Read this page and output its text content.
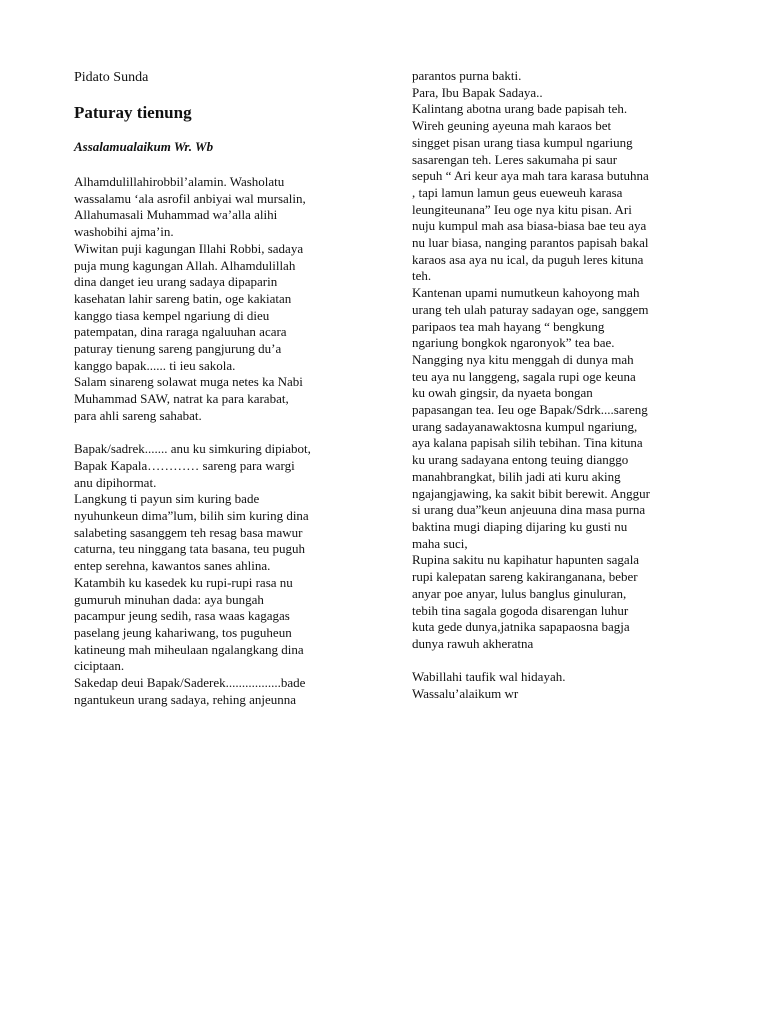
Pidato Sunda
Paturay tienung
Assalamualaikum Wr. Wb
Alhamdulillahirobbil’alamin. Washolatu
wassalamu ‘ala asrofil anbiyai wal mursalin,
Allahumasali Muhammad wa’alla alihi
washobihi ajma’in.
Wiwitan puji kagungan Illahi Robbi, sadaya
puja mung kagungan Allah. Alhamdulillah
dina danget ieu urang sadaya dipaparin
kasehatan lahir sareng batin, oge kakiatan
kanggo tiasa kempel ngariung di dieu
patempatan, dina raraga ngaluuhan acara
paturay tienung sareng pangjurung du’a
kanggo bapak...... ti ieu sakola.
Salam sinareng solawat muga netes ka Nabi
Muhammad SAW, natrat ka para karabat,
para ahli sareng sahabat.
Bapak/sadrek....... anu ku simkuring dipiabot,
Bapak Kapala………… sareng para wargi
anu dipihormat.
Langkung ti payun sim kuring bade
nyuhunkeun dima”lum, bilih sim kuring dina
salabeting sasanggem teh resag basa mawur
caturna, teu ninggang tata basana, teu puguh
entep serehna, kawantos sanes ahlina.
Katambih ku kasedek ku rupi-rupi rasa nu
gumuruh minuhan dada: aya bungah
pacampur jeung sedih, rasa waas kagagas
paselang jeung kahariwang, tos puguheun
katineung mah miheulaan ngalangkang dina
ciciptaan.
Sakedap deui Bapak/Saderek.................bade
ngantukeun urang sadaya, rehing anjeunna
parantos purna bakti.
Para, Ibu Bapak Sadaya..
Kalintang abotna urang bade papisah teh.
Wireh geuning ayeuna mah karaos bet
singget pisan urang tiasa kumpul ngariung
sasarengan teh. Leres sakumaha pi saur
sepuh “ Ari keur aya mah tara karasa butuhna
, tapi lamun lamun geus eueweuh karasa
leungiteunana” Ieu oge nya kitu pisan. Ari
nuju kumpul mah asa biasa-biasa bae teu aya
nu luar biasa, nanging parantos papisah bakal
karaos asa aya nu ical, da puguh leres kituna
teh.
Kantenan upami numutkeun kahoyong mah
urang teh ulah paturay sadayan oge, sanggem
paripaos tea mah hayang “ bengkung
ngariung bongkok ngaronyok” tea bae.
Nangging nya kitu menggah di dunya mah
teu aya nu langgeng, sagala rupi oge keuna
ku owah gingsir, da nyaeta bongan
papasangan tea. Ieu oge Bapak/Sdrk....sareng
urang sadayanawaktosna kumpul ngariung,
aya kalana papisah silih tebihan. Tina kituna
ku urang sadayana entong teuing dianggo
manahbrangkat, bilih jadi ati kuru aking
ngajangjawing, ka sakit bibit berewit. Anggur
si urang dua”keun anjeuuna dina masa purna
baktina mugi diaping dijaring ku gusti nu
maha suci,
Rupina sakitu nu kapihatur hapunten sagala
rupi kalepatan sareng kakiranganana, beber
anyar poe anyar, lulus banglus ginuluran,
tebih tina sagala gogoda disarengan luhur
kuta gede dunya,jatnika sapapaosna bagja
dunya rawuh akheratna
Wabillahi taufik wal hidayah.
Wassalu’alaikum wr
